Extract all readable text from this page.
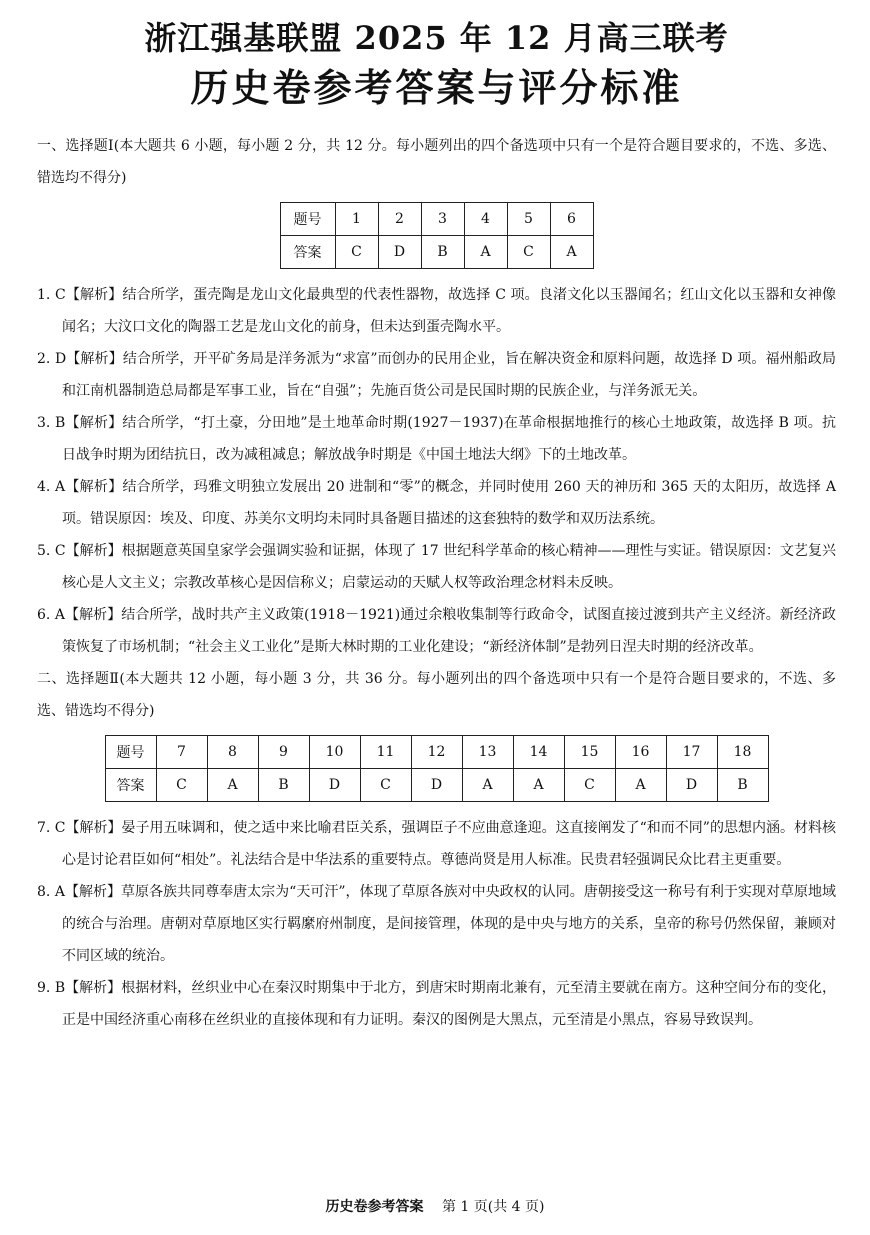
浙江强基联盟 2025 年 12 月高三联考
历史卷参考答案与评分标准

一、选择题Ⅰ(本大题共 6 小题，每小题 2 分，共 12 分。每小题列出的四个备选项中只有一个是符合题目要求的，不选、多选、错选均不得分)

题号	1	2	3	4	5	6
答案	C	D	B	A	C	A

1. C【解析】结合所学，蛋壳陶是龙山文化最典型的代表性器物，故选择 C 项。良渚文化以玉器闻名；红山文化以玉器和女神像闻名；大汶口文化的陶器工艺是龙山文化的前身，但未达到蛋壳陶水平。

2. D【解析】结合所学，开平矿务局是洋务派为“求富”而创办的民用企业，旨在解决资金和原料问题，故选择 D 项。福州船政局和江南机器制造总局都是军事工业，旨在“自强”；先施百货公司是民国时期的民族企业，与洋务派无关。

3. B【解析】结合所学，“打土豪，分田地”是土地革命时期(1927－1937)在革命根据地推行的核心土地政策，故选择 B 项。抗日战争时期为团结抗日，改为减租减息；解放战争时期是《中国土地法大纲》下的土地改革。

4. A【解析】结合所学，玛雅文明独立发展出 20 进制和“零”的概念，并同时使用 260 天的神历和 365 天的太阳历，故选择 A 项。错误原因：埃及、印度、苏美尔文明均未同时具备题目描述的这套独特的数学和双历法系统。

5. C【解析】根据题意英国皇家学会强调实验和证据，体现了 17 世纪科学革命的核心精神——理性与实证。错误原因：文艺复兴核心是人文主义；宗教改革核心是因信称义；启蒙运动的天赋人权等政治理念材料未反映。

6. A【解析】结合所学，战时共产主义政策(1918－1921)通过余粮收集制等行政命令，试图直接过渡到共产主义经济。新经济政策恢复了市场机制；“社会主义工业化”是斯大林时期的工业化建设；“新经济体制”是勃列日涅夫时期的经济改革。

二、选择题Ⅱ(本大题共 12 小题，每小题 3 分，共 36 分。每小题列出的四个备选项中只有一个是符合题目要求的，不选、多选、错选均不得分)

题号	7	8	9	10	11	12	13	14	15	16	17	18
答案	C	A	B	D	C	D	A	A	C	A	D	B

7. C【解析】晏子用五味调和，使之适中来比喻君臣关系，强调臣子不应曲意逢迎。这直接阐发了“和而不同”的思想内涵。材料核心是讨论君臣如何“相处”。礼法结合是中华法系的重要特点。尊德尚贤是用人标准。民贵君轻强调民众比君主更重要。

8. A【解析】草原各族共同尊奉唐太宗为“天可汗”，体现了草原各族对中央政权的认同。唐朝接受这一称号有利于实现对草原地域的统合与治理。唐朝对草原地区实行羁縻府州制度，是间接管理，体现的是中央与地方的关系，皇帝的称号仍然保留，兼顾对不同区域的统治。

9. B【解析】根据材料，丝织业中心在秦汉时期集中于北方，到唐宋时期南北兼有，元至清主要就在南方。这种空间分布的变化，正是中国经济重心南移在丝织业的直接体现和有力证明。秦汉的图例是大黑点，元至清是小黑点，容易导致误判。

历史卷参考答案 第 1 页(共 4 页)
